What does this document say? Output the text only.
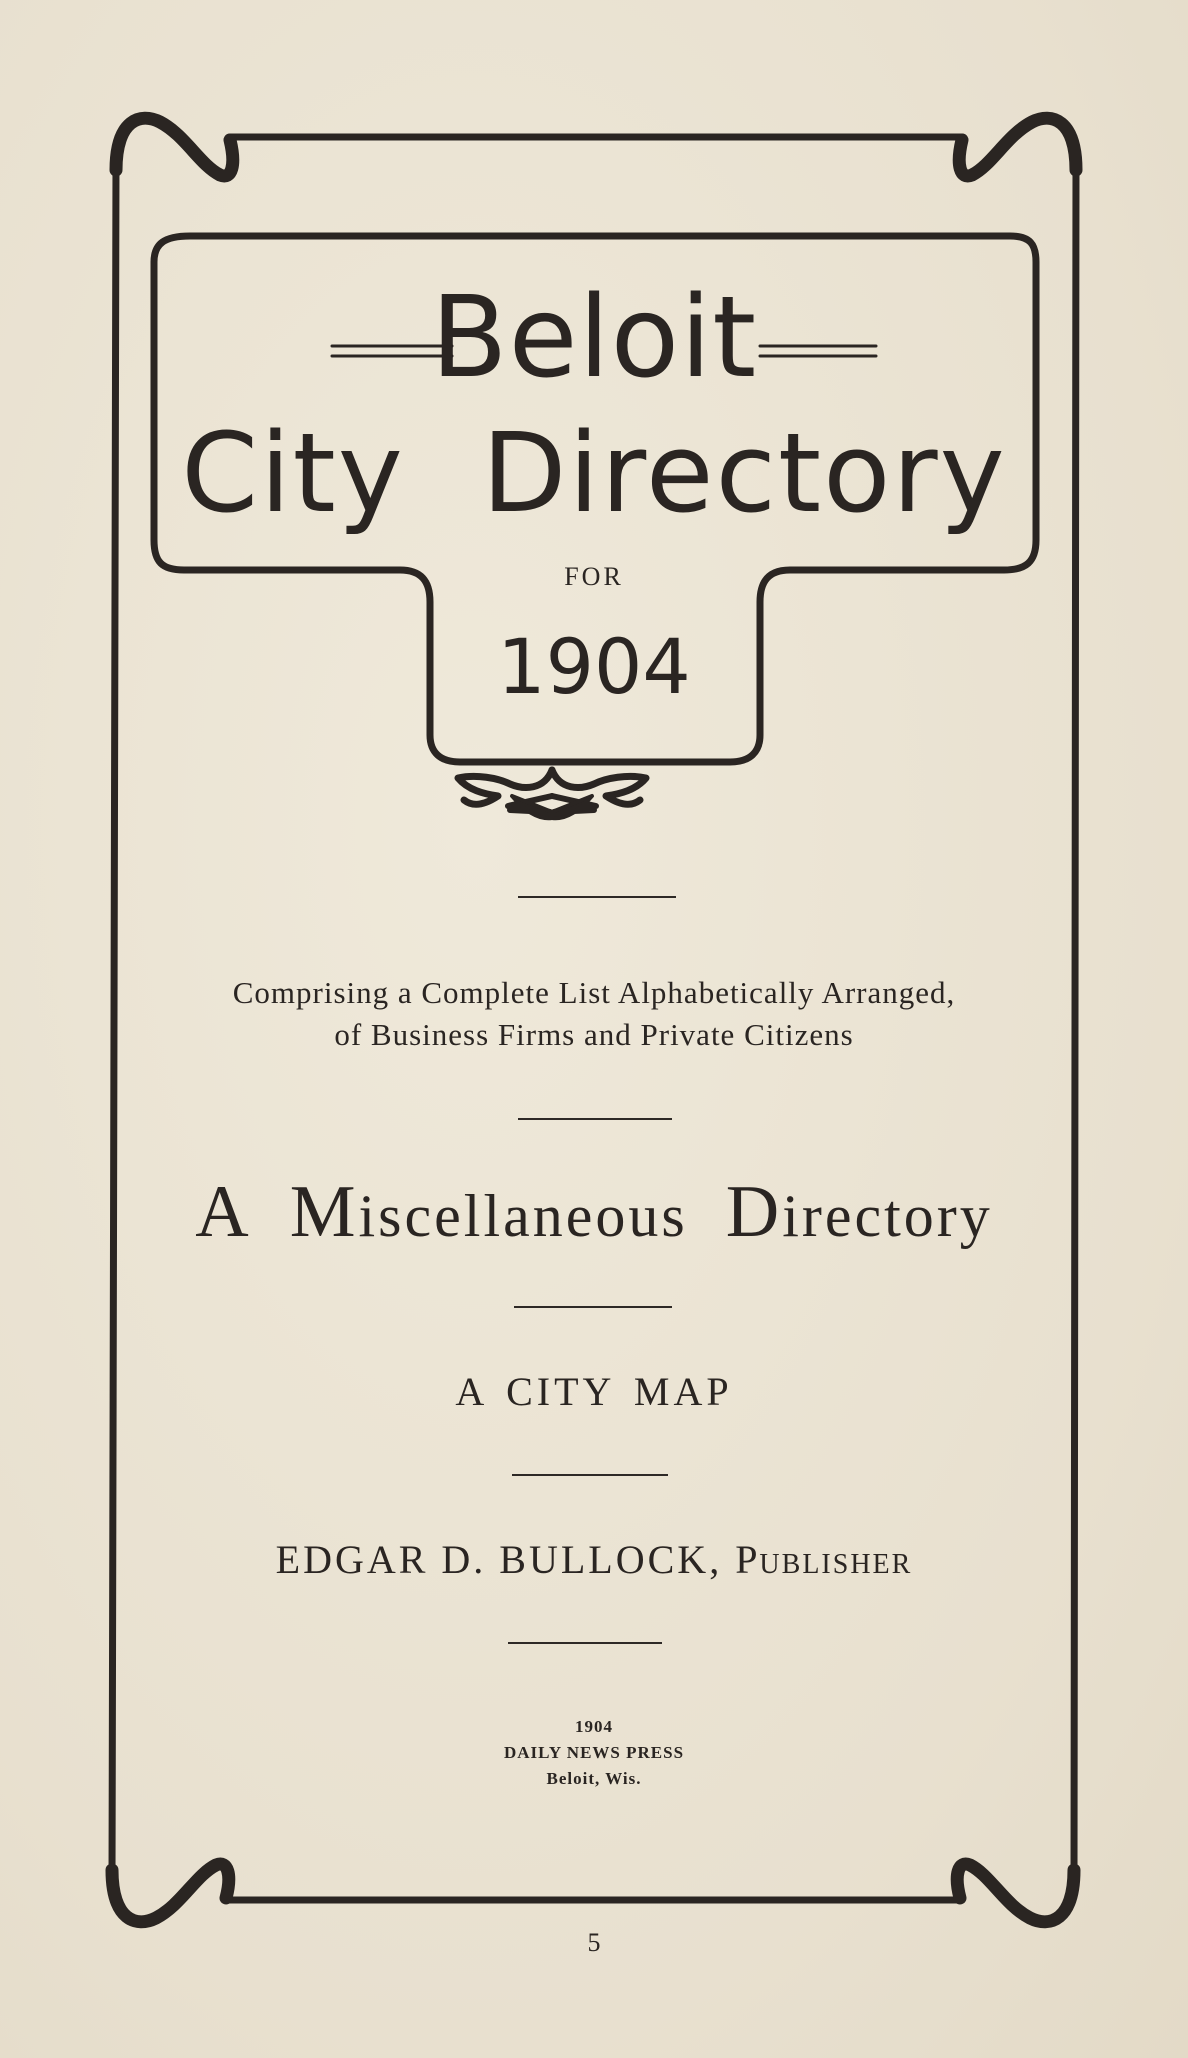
Beloit
City Directory
FOR
1904
Comprising a Complete List Alphabetically Arranged,
of Business Firms and Private Citizens
A Miscellaneous Directory
A CITY MAP
EDGAR D. BULLOCK, Publisher
1904
DAILY NEWS PRESS
Beloit, Wis.
5
